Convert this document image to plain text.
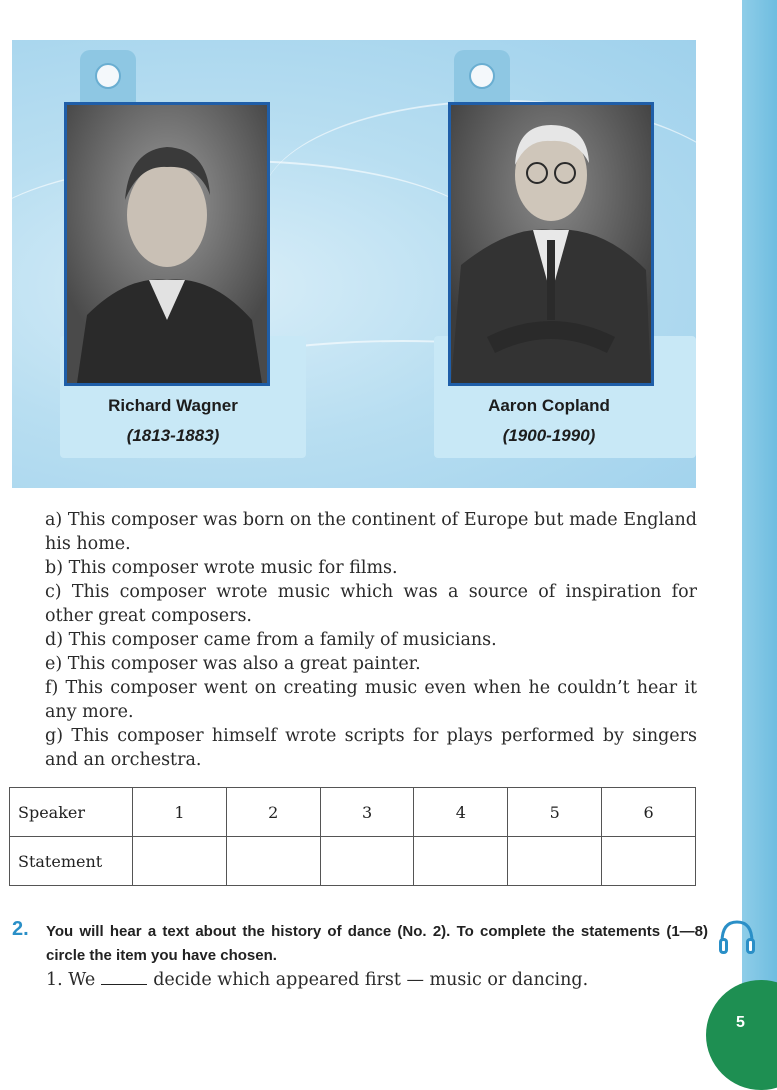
Richard Wagner
(1813-1883)
Aaron Copland
(1900-1990)

a) This composer was born on the continent of Europe but made England his home.

b) This composer wrote music for films.

c) This composer wrote music which was a source of inspiration for other great composers.

d) This composer came from a family of musicians.

e) This composer was also a great painter.

f) This composer went on creating music even when he couldn’t hear it any more.

g) This composer himself wrote scripts for plays performed by singers and an orchestra.

Speaker	1	2	3	4	5	6
Statement						
2. You will hear a text about the history of dance (No. 2). To complete the statements (1—8) circle the item you have chosen.
1. We	decide which appeared first — music or dancing.
5
